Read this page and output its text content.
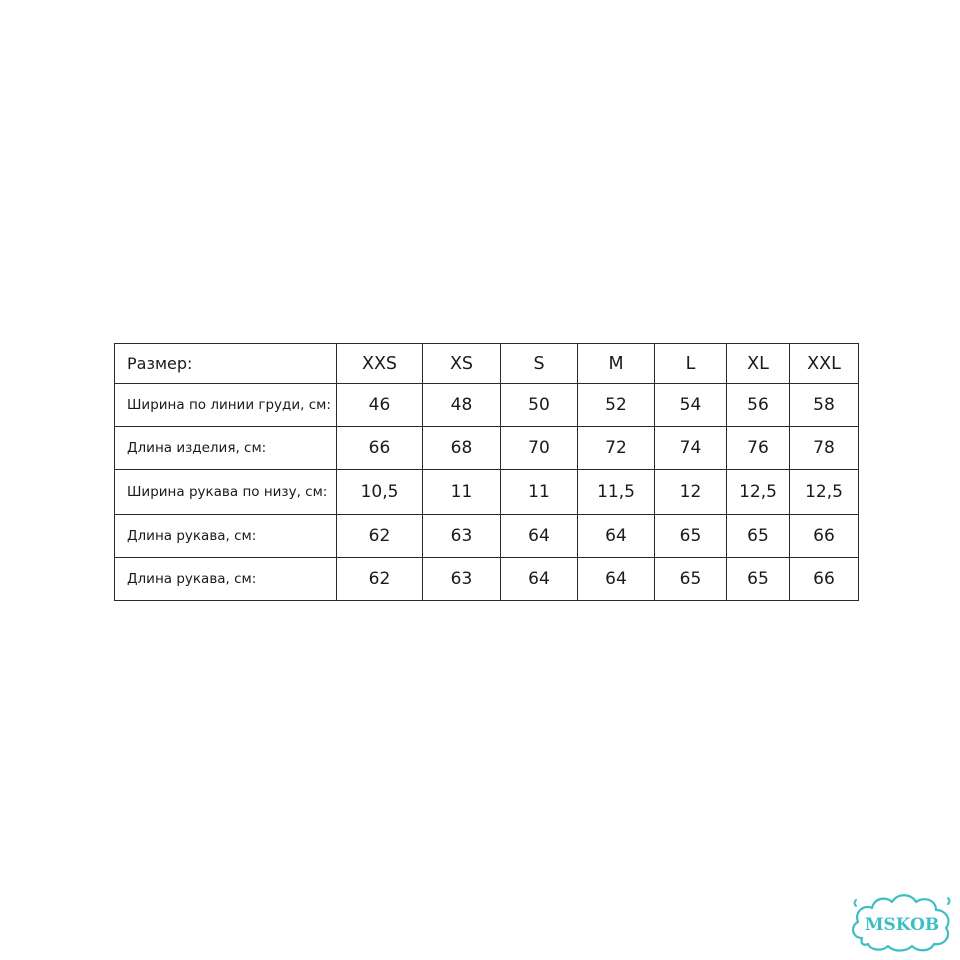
Размер:	XXS	XS	S	M	L	XL	XXL
Ширина по линии груди, см:	46	48	50	52	54	56	58
Длина изделия, см:	66	68	70	72	74	76	78
Ширина рукава по низу, см:	10,5	11	11	11,5	12	12,5	12,5
Длина рукава, см:	62	63	64	64	65	65	66
Длина рукава, см:	62	63	64	64	65	65	66
MSKOB
